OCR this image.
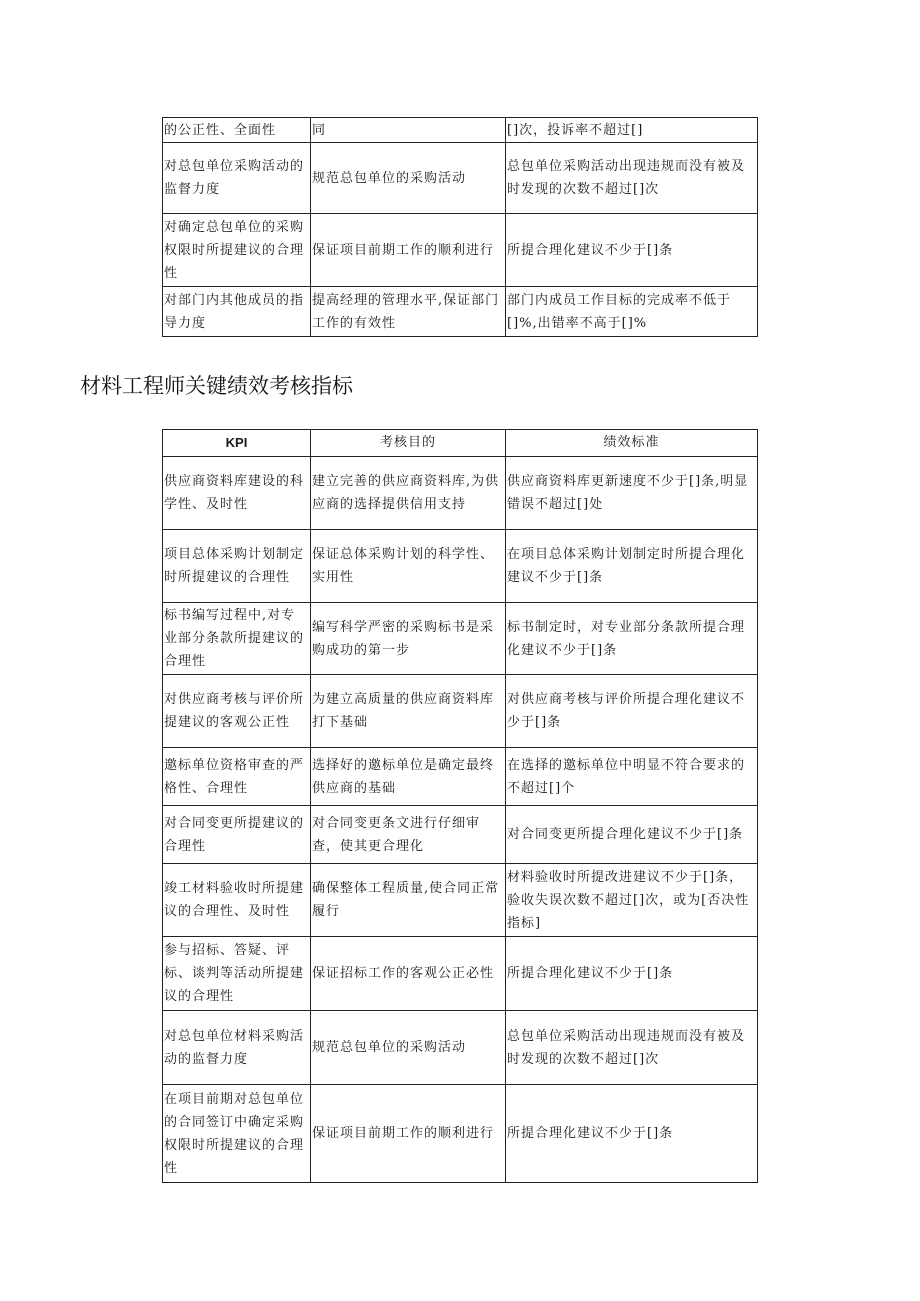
的公正性、全面性	同	[]次，投诉率不超过[]
对总包单位采购活动的监督力度	规范总包单位的采购活动	总包单位采购活动出现违规而没有被及时发现的次数不超过[]次
对确定总包单位的采购权限时所提建议的合理性	保证项目前期工作的顺利进行	所提合理化建议不少于[]条
对部门内其他成员的指导力度	提高经理的管理水平,保证部门工作的有效性	部门内成员工作目标的完成率不低于[]%,出错率不高于[]%
材料工程师关键绩效考核指标
KPI	考核目的	绩效标准
供应商资料库建设的科学性、及时性	建立完善的供应商资料库,为供应商的选择提供信用支持	供应商资料库更新速度不少于[]条,明显错误不超过[]处
项目总体采购计划制定时所提建议的合理性	保证总体采购计划的科学性、实用性	在项目总体采购计划制定时所提合理化建议不少于[]条
标书编写过程中,对专业部分条款所提建议的合理性	编写科学严密的采购标书是采购成功的第一步	标书制定时，对专业部分条款所提合理化建议不少于[]条
对供应商考核与评价所提建议的客观公正性	为建立高质量的供应商资料库打下基础	对供应商考核与评价所提合理化建议不少于[]条
邀标单位资格审查的严格性、合理性	选择好的邀标单位是确定最终供应商的基础	在选择的邀标单位中明显不符合要求的不超过[]个
对合同变更所提建议的合理性	对合同变更条文进行仔细审查，使其更合理化	对合同变更所提合理化建议不少于[]条
竣工材料验收时所提建议的合理性、及时性	确保整体工程质量,使合同正常履行	材料验收时所提改进建议不少于[]条，验收失误次数不超过[]次，或为[否决性指标]
参与招标、答疑、评标、谈判等活动所提建议的合理性	保证招标工作的客观公正必性	所提合理化建议不少于[]条
对总包单位材料采购活动的监督力度	规范总包单位的采购活动	总包单位采购活动出现违规而没有被及时发现的次数不超过[]次
在项目前期对总包单位的合同签订中确定采购权限时所提建议的合理性	保证项目前期工作的顺利进行	所提合理化建议不少于[]条
